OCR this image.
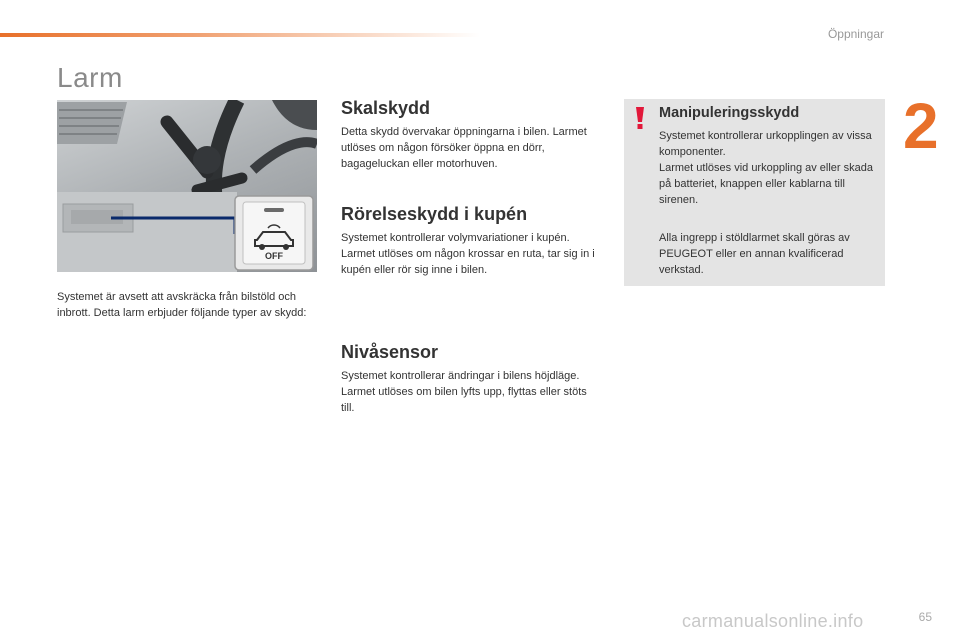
Öppningar
2
Larm
OFF

Systemet är avsett att avskräcka från bilstöld och inbrott. Detta larm erbjuder följande typer av skydd:

Skalskydd

Detta skydd övervakar öppningarna i bilen. Larmet utlöses om någon försöker öppna en dörr, bagageluckan eller motorhuven.

Rörelseskydd i kupén

Systemet kontrollerar volymvariationer i kupén. Larmet utlöses om någon krossar en ruta, tar sig in i kupén eller rör sig inne i bilen.

Nivåsensor

Systemet kontrollerar ändringar i bilens höjdläge. Larmet utlöses om bilen lyfts upp, flyttas eller stöts till.

Manipuleringsskydd

Systemet kontrollerar urkopplingen av vissa komponenter.

Larmet utlöses vid urkoppling av eller skada på batteriet, knappen eller kablarna till sirenen.

Alla ingrepp i stöldlarmet skall göras av PEUGEOT eller en annan kvalificerad verkstad.

carmanualsonline.info	65
